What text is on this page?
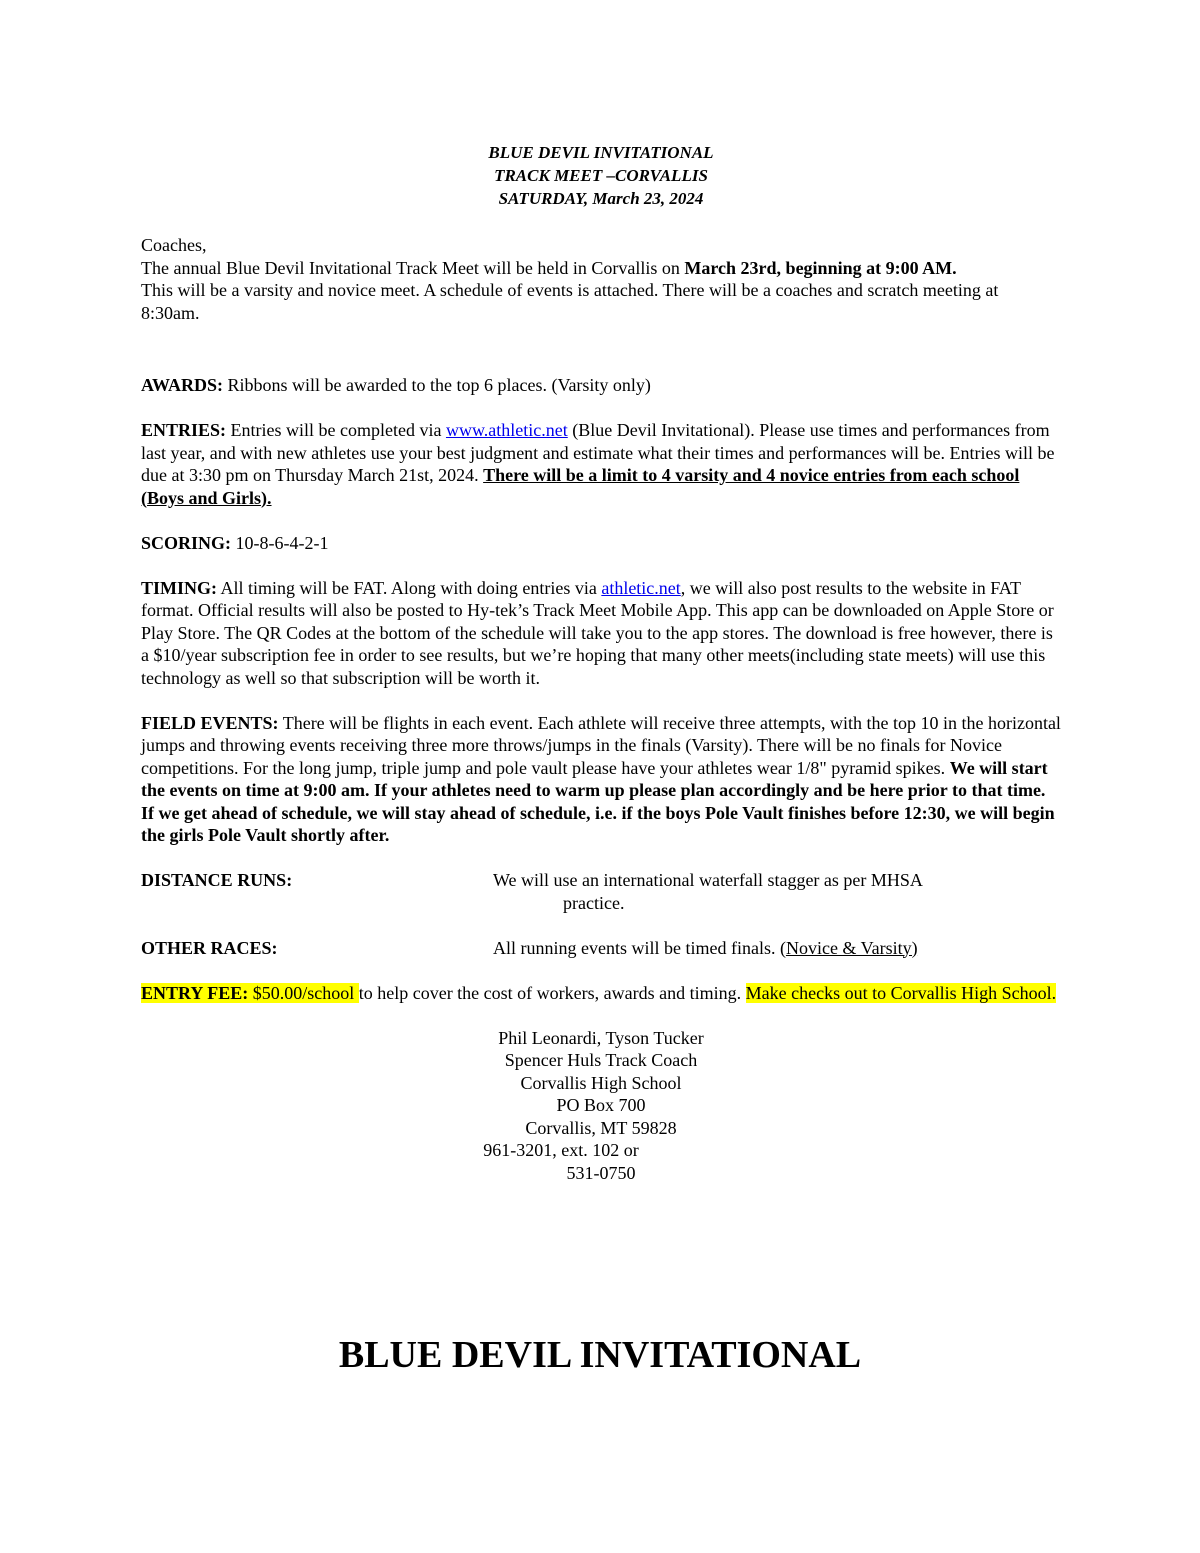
BLUE DEVIL INVITATIONAL
TRACK MEET –CORVALLIS
SATURDAY, March 23, 2024

Coaches,

The annual Blue Devil Invitational Track Meet will be held in Corvallis on March 23rd, beginning at 9:00 AM.

This will be a varsity and novice meet. A schedule of events is attached. There will be a coaches and scratch meeting at 8:30am.

AWARDS: Ribbons will be awarded to the top 6 places. (Varsity only)

ENTRIES: Entries will be completed via www.athletic.net (Blue Devil Invitational). Please use times and performances from last year, and with new athletes use your best judgment and estimate what their times and performances will be. Entries will be due at 3:30 pm on Thursday March 21st, 2024. There will be a limit to 4 varsity and 4 novice entries from each school (Boys and Girls).

SCORING: 10-8-6-4-2-1

TIMING: All timing will be FAT. Along with doing entries via athletic.net, we will also post results to the website in FAT format. Official results will also be posted to Hy-tek’s Track Meet Mobile App. This app can be downloaded on Apple Store or Play Store. The QR Codes at the bottom of the schedule will take you to the app stores. The download is free however, there is a $10/year subscription fee in order to see results, but we’re hoping that many other meets(including state meets) will use this technology as well so that subscription will be worth it.

FIELD EVENTS: There will be flights in each event. Each athlete will receive three attempts, with the top 10 in the horizontal jumps and throwing events receiving three more throws/jumps in the finals (Varsity). There will be no finals for Novice competitions. For the long jump, triple jump and pole vault please have your athletes wear 1/8" pyramid spikes. We will start the events on time at 9:00 am. If your athletes need to warm up please plan accordingly and be here prior to that time. If we get ahead of schedule, we will stay ahead of schedule, i.e. if the boys Pole Vault finishes before 12:30, we will begin the girls Pole Vault shortly after.

DISTANCE RUNS:	We will use an international waterfall stagger as per MHSA
practice.
OTHER RACES:	All running events will be timed finals. (Novice & Varsity)

ENTRY FEE: $50.00/school to help cover the cost of workers, awards and timing. Make checks out to Corvallis High School.

Phil Leonardi, Tyson Tucker
Spencer Huls Track Coach
Corvallis High School
PO Box 700
Corvallis, MT 59828
961-3201, ext. 102 or
531-0750
BLUE DEVIL INVITATIONAL
